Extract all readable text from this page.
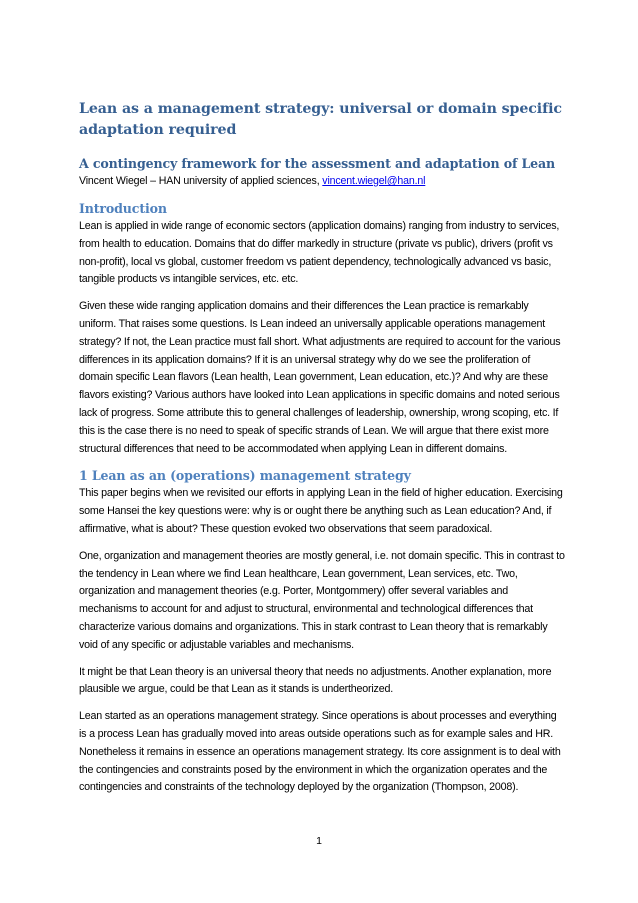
Lean as a management strategy: universal or domain specific adaptation required
A contingency framework for the assessment and adaptation of Lean

Vincent Wiegel – HAN university of applied sciences, vincent.wiegel@han.nl

Introduction

Lean is applied in wide range of economic sectors (application domains) ranging from industry to services, from health to education. Domains that do differ markedly in structure (private vs public), drivers (profit vs non-profit), local vs global, customer freedom vs patient dependency, technologically advanced vs basic, tangible products vs intangible services, etc. etc.

Given these wide ranging application domains and their differences the Lean practice is remarkably uniform. That raises some questions. Is Lean indeed an universally applicable operations management strategy? If not, the Lean practice must fall short. What adjustments are required to account for the various differences in its application domains? If it is an universal strategy why do we see the proliferation of domain specific Lean flavors (Lean health, Lean government, Lean education, etc.)? And why are these flavors existing? Various authors have looked into Lean applications in specific domains and noted serious lack of progress. Some attribute this to general challenges of leadership, ownership, wrong scoping, etc. If this is the case there is no need to speak of specific strands of Lean. We will argue that there exist more structural differences that need to be accommodated when applying Lean in different domains.

1 Lean as an (operations) management strategy

This paper begins when we revisited our efforts in applying Lean in the field of higher education. Exercising some Hansei the key questions were: why is or ought there be anything such as Lean education? And, if affirmative, what is about? These question evoked two observations that seem paradoxical.

One, organization and management theories are mostly general, i.e. not domain specific. This in contrast to the tendency in Lean where we find Lean healthcare, Lean government, Lean services, etc. Two, organization and management theories (e.g. Porter, Montgommery) offer several variables and mechanisms to account for and adjust to structural, environmental and technological differences that characterize various domains and organizations. This in stark contrast to Lean theory that is remarkably void of any specific or adjustable variables and mechanisms.

It might be that Lean theory is an universal theory that needs no adjustments. Another explanation, more plausible we argue, could be that Lean as it stands is undertheorized.

Lean started as an operations management strategy. Since operations is about processes and everything is a process Lean has gradually moved into areas outside operations such as for example sales and HR. Nonetheless it remains in essence an operations management strategy. Its core assignment is to deal with the contingencies and constraints posed by the environment in which the organization operates and the contingencies and constraints of the technology deployed by the organization (Thompson, 2008).

1
